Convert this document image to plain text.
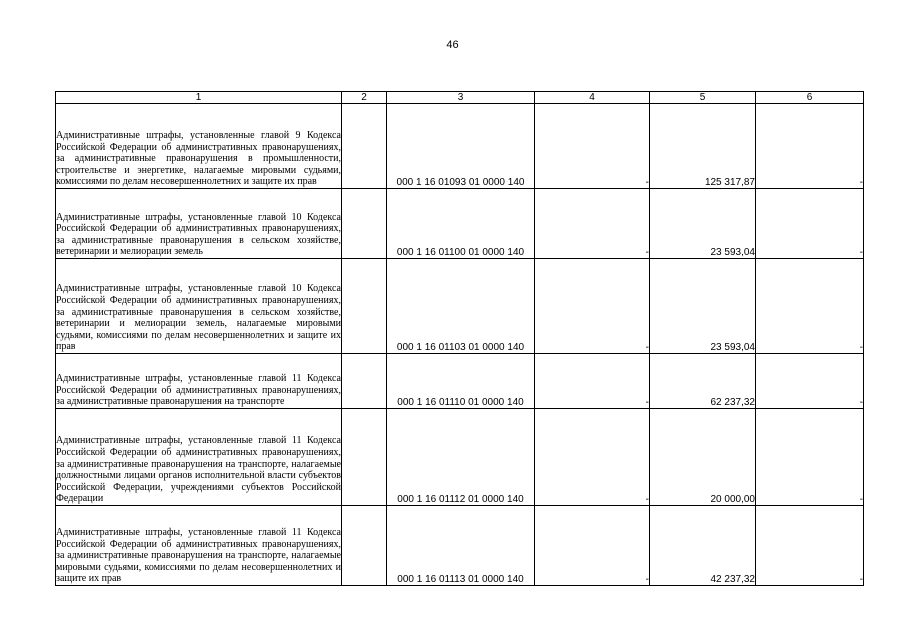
46
1	2	3	4	5	6
Административные штрафы, установленные главой 9 Кодекса Российской Федерации об административных правонарушениях, за административные правонарушения в промышленности, строительстве и энергетике, налагаемые мировыми судьями, комиссиями по делам несовершеннолетних и защите их прав		000 1 16 01093 01 0000 140	-	125 317,87	-
Административные штрафы, установленные главой 10 Кодекса Российской Федерации об административных правонарушениях, за административные правонарушения в сельском хозяйстве, ветеринарии и мелиорации земель		000 1 16 01100 01 0000 140	-	23 593,04	-
Административные штрафы, установленные главой 10 Кодекса Российской Федерации об административных правонарушениях, за административные правонарушения в сельском хозяйстве, ветеринарии и мелиорации земель, налагаемые мировыми судьями, комиссиями по делам несовершеннолетних и защите их прав		000 1 16 01103 01 0000 140	-	23 593,04	-
Административные штрафы, установленные главой 11 Кодекса Российской Федерации об административных правонарушениях, за административные правонарушения на транспорте		000 1 16 01110 01 0000 140	-	62 237,32	-
Административные штрафы, установленные главой 11 Кодекса Российской Федерации об административных правонарушениях, за административные правонарушения на транспорте, налагаемые должностными лицами органов исполнительной власти субъектов Российской Федерации, учреждениями субъектов Российской Федерации		000 1 16 01112 01 0000 140	-	20 000,00	-
Административные штрафы, установленные главой 11 Кодекса Российской Федерации об административных правонарушениях, за административные правонарушения на транспорте, налагаемые мировыми судьями, комиссиями по делам несовершеннолетних и защите их прав		000 1 16 01113 01 0000 140	-	42 237,32	-
